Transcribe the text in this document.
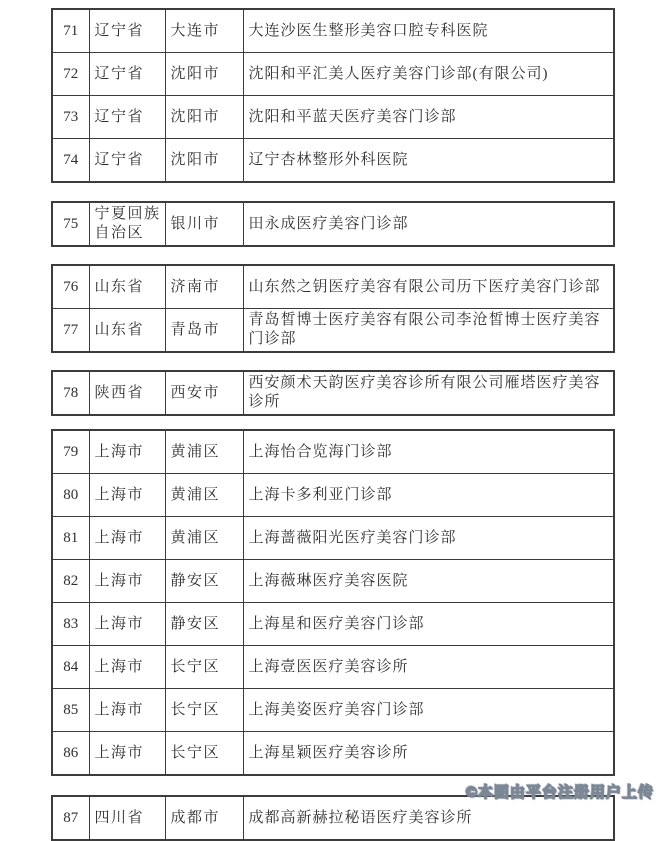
71	辽宁省	大连市	大连沙医生整形美容口腔专科医院
72	辽宁省	沈阳市	沈阳和平汇美人医疗美容门诊部(有限公司)
73	辽宁省	沈阳市	沈阳和平蓝天医疗美容门诊部
74	辽宁省	沈阳市	辽宁杏林整形外科医院
75	宁夏回族自治区	银川市	田永成医疗美容门诊部
76	山东省	济南市	山东然之钥医疗美容有限公司历下医疗美容门诊部
77	山东省	青岛市	青岛皙博士医疗美容有限公司李沧皙博士医疗美容门诊部
78	陕西省	西安市	西安颜术天韵医疗美容诊所有限公司雁塔医疗美容诊所
79	上海市	黄浦区	上海怡合览海门诊部
80	上海市	黄浦区	上海卡多利亚门诊部
81	上海市	黄浦区	上海蔷薇阳光医疗美容门诊部
82	上海市	静安区	上海薇琳医疗美容医院
83	上海市	静安区	上海星和医疗美容门诊部
84	上海市	长宁区	上海壹医医疗美容诊所
85	上海市	长宁区	上海美姿医疗美容门诊部
86	上海市	长宁区	上海星颖医疗美容诊所
87	四川省	成都市	成都高新赫拉秘语医疗美容诊所
©本图由平台注册用户上传
